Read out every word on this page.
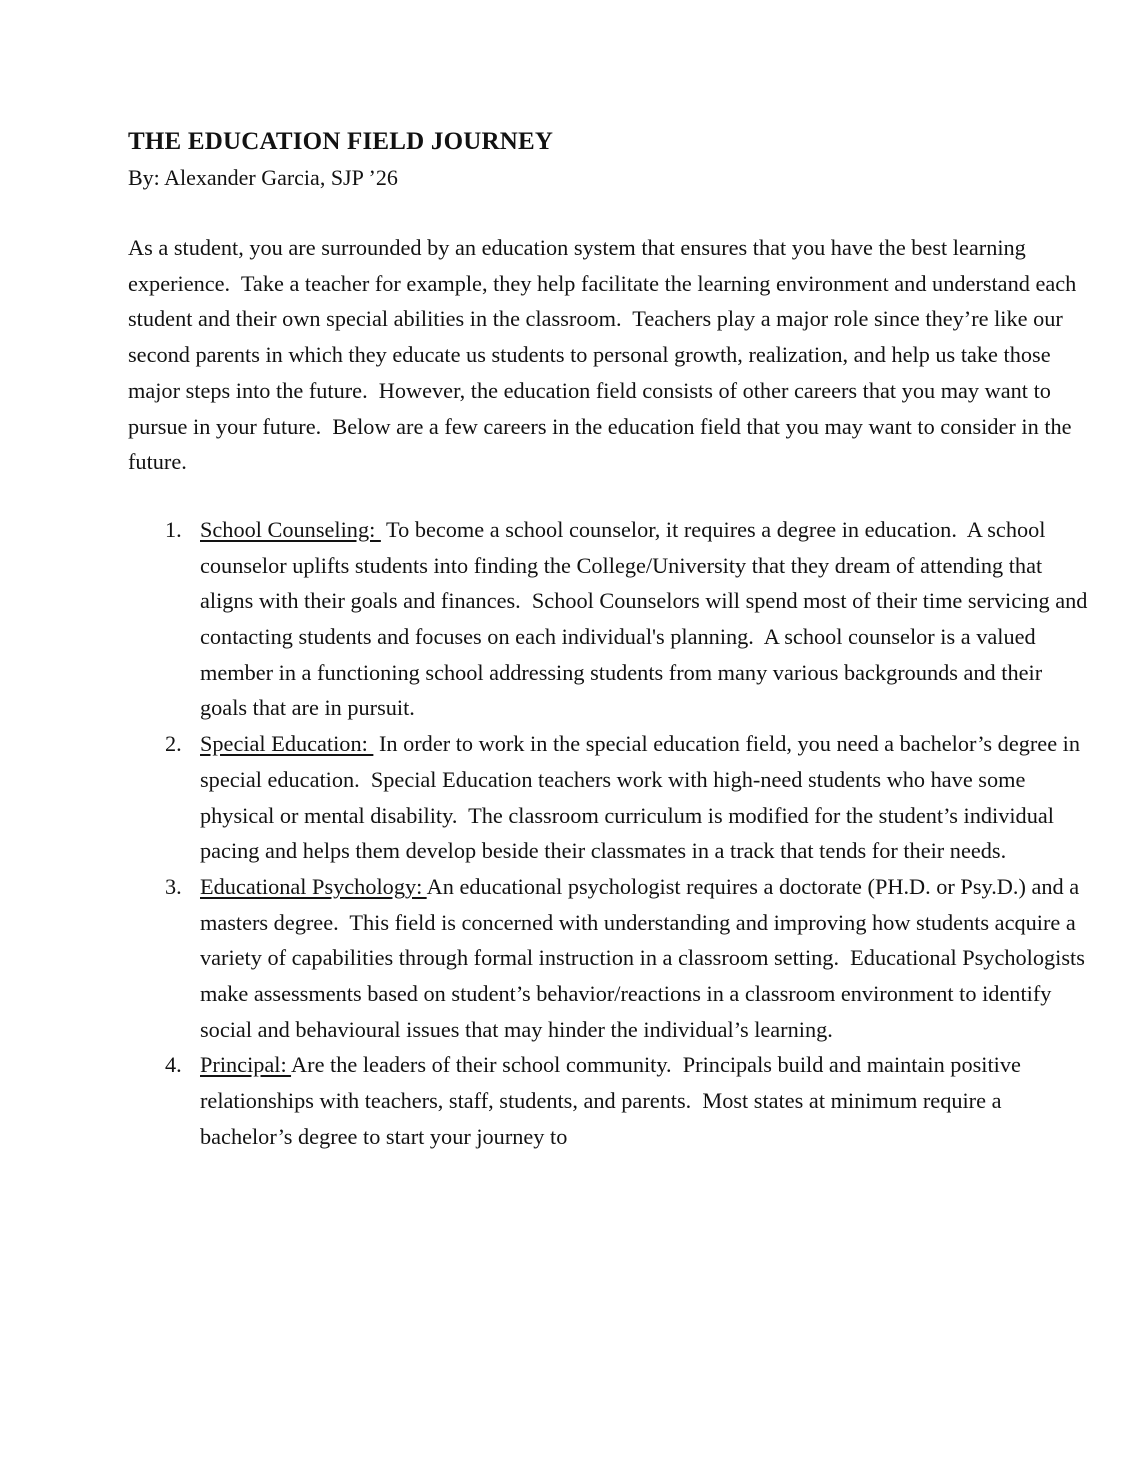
THE EDUCATION FIELD JOURNEY
By: Alexander Garcia, SJP ’26
As a student, you are surrounded by an education system that ensures that you have the best learning experience.  Take a teacher for example, they help facilitate the learning environment and understand each student and their own special abilities in the classroom.  Teachers play a major role since they’re like our second parents in which they educate us students to personal growth, realization, and help us take those major steps into the future.  However, the education field consists of other careers that you may want to pursue in your future.  Below are a few careers in the education field that you may want to consider in the future.
1. School Counseling:  To become a school counselor, it requires a degree in education.  A school counselor uplifts students into finding the College/University that they dream of attending that aligns with their goals and finances.  School Counselors will spend most of their time servicing and contacting students and focuses on each individual's planning.  A school counselor is a valued member in a functioning school addressing students from many various backgrounds and their goals that are in pursuit.
2. Special Education:  In order to work in the special education field, you need a bachelor’s degree in special education.  Special Education teachers work with high-need students who have some physical or mental disability.  The classroom curriculum is modified for the student’s individual pacing and helps them develop beside their classmates in a track that tends for their needs.
3. Educational Psychology: An educational psychologist requires a doctorate (PH.D. or Psy.D.) and a masters degree.  This field is concerned with understanding and improving how students acquire a variety of capabilities through formal instruction in a classroom setting.  Educational Psychologists make assessments based on student’s behavior/reactions in a classroom environment to identify social and behavioural issues that may hinder the individual’s learning.
4. Principal: Are the leaders of their school community.  Principals build and maintain positive relationships with teachers, staff, students, and parents.  Most states at minimum require a bachelor’s degree to start your journey to
